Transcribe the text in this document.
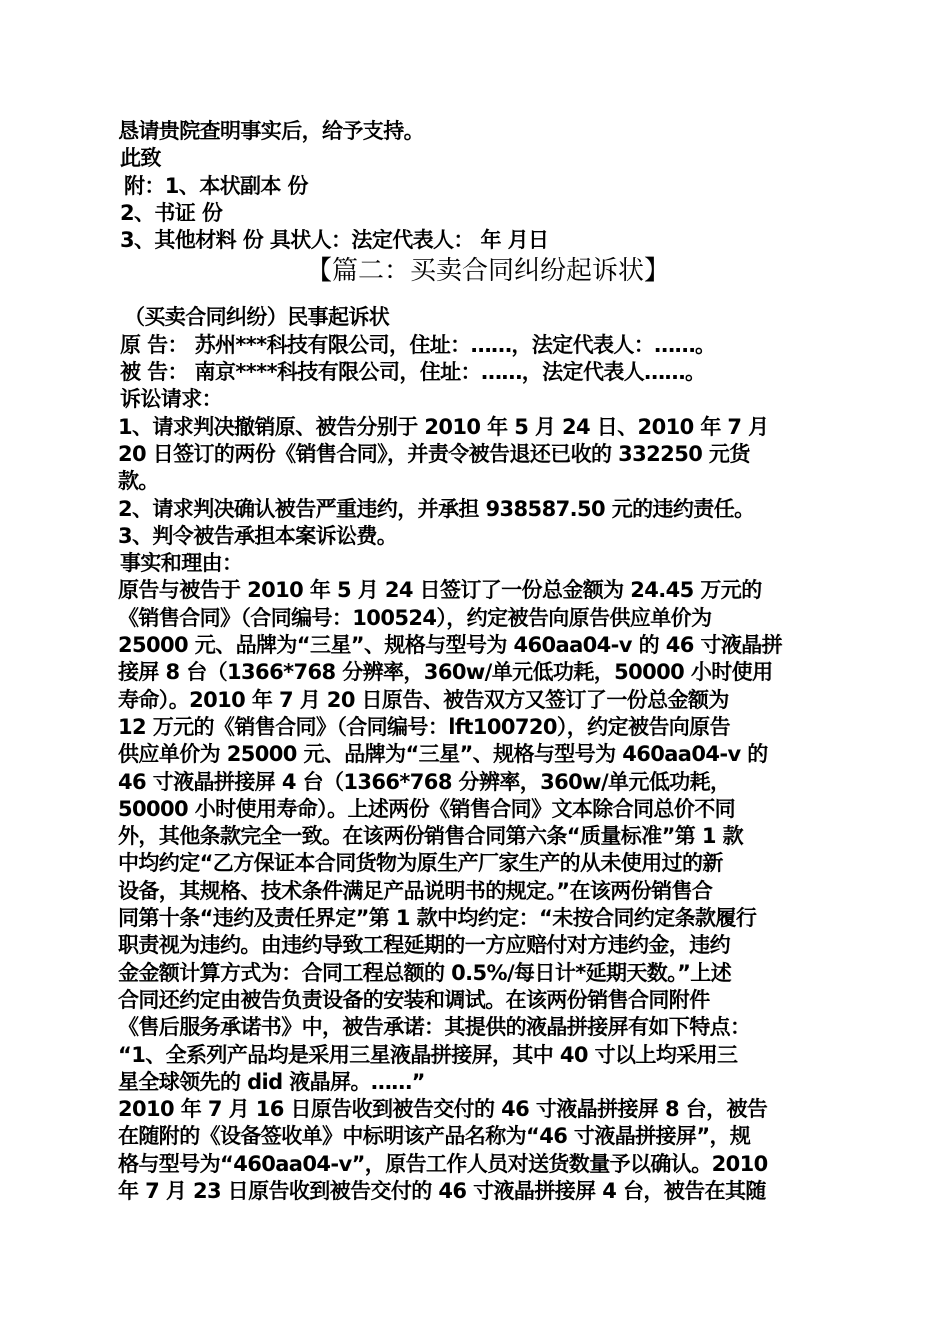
恳请贵院查明事实后，给予支持。
此致
附：1、本状副本 份
2、书证 份
3、其他材料 份 具状人：法定代表人： 年 月日
【篇二：买卖合同纠纷起诉状】
（买卖合同纠纷）民事起诉状
原 告： 苏州***科技有限公司，住址：……，法定代表人：……。
被 告： 南京****科技有限公司，住址：……，法定代表人……。
诉讼请求：
1、请求判决撤销原、被告分别于 2010 年 5 月 24 日、2010 年 7 月
20 日签订的两份《销售合同》，并责令被告退还已收的 332250 元货
款。
2、请求判决确认被告严重违约，并承担 938587.50 元的违约责任。
3、判令被告承担本案诉讼费。
事实和理由：
原告与被告于 2010 年 5 月 24 日签订了一份总金额为 24.45 万元的
《销售合同》（合同编号：100524），约定被告向原告供应单价为
25000 元、品牌为“三星”、规格与型号为 460aa04-v 的 46 寸液晶拼
接屏 8 台（1366*768 分辨率，360w/单元低功耗，50000 小时使用
寿命）。2010 年 7 月 20 日原告、被告双方又签订了一份总金额为
12 万元的《销售合同》（合同编号：lft100720），约定被告向原告
供应单价为 25000 元、品牌为“三星”、规格与型号为 460aa04-v 的
46 寸液晶拼接屏 4 台（1366*768 分辨率，360w/单元低功耗，
50000 小时使用寿命）。上述两份《销售合同》文本除合同总价不同
外，其他条款完全一致。在该两份销售合同第六条“质量标准”第 1 款
中均约定“乙方保证本合同货物为原生产厂家生产的从未使用过的新
设备，其规格、技术条件满足产品说明书的规定。”在该两份销售合
同第十条“违约及责任界定”第 1 款中均约定：“未按合同约定条款履行
职责视为违约。由违约导致工程延期的一方应赔付对方违约金，违约
金金额计算方式为：合同工程总额的 0.5%/每日计*延期天数。”上述
合同还约定由被告负责设备的安装和调试。在该两份销售合同附件
《售后服务承诺书》中，被告承诺：其提供的液晶拼接屏有如下特点：
“1、全系列产品均是采用三星液晶拼接屏，其中 40 寸以上均采用三
星全球领先的 did 液晶屏。……”
2010 年 7 月 16 日原告收到被告交付的 46 寸液晶拼接屏 8 台，被告
在随附的《设备签收单》中标明该产品名称为“46 寸液晶拼接屏”，规
格与型号为“460aa04-v”，原告工作人员对送货数量予以确认。2010
年 7 月 23 日原告收到被告交付的 46 寸液晶拼接屏 4 台，被告在其随
